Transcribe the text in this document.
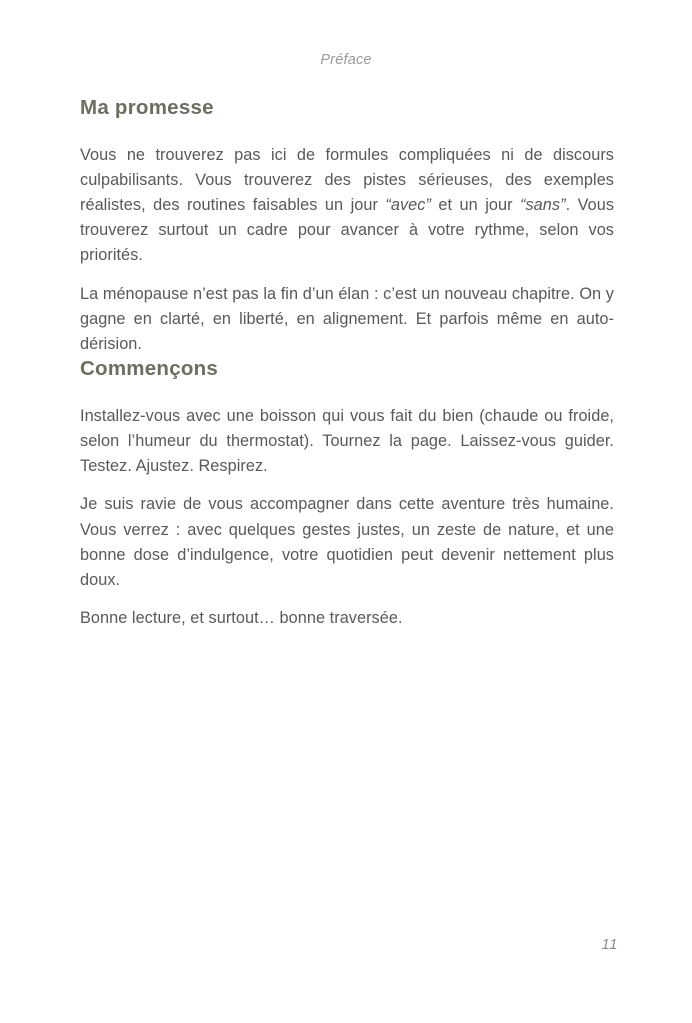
Préface
Ma promesse

Vous ne trouverez pas ici de formules compliquées ni de discours culpabilisants. Vous trouverez des pistes sérieuses, des exemples réalistes, des routines faisables un jour “avec” et un jour “sans”. Vous trouverez surtout un cadre pour avancer à votre rythme, selon vos priorités.

La ménopause n’est pas la fin d’un élan : c’est un nouveau chapitre. On y gagne en clarté, en liberté, en alignement. Et parfois même en auto-dérision.

Commençons

Installez-vous avec une boisson qui vous fait du bien (chaude ou froide, selon l’humeur du thermostat). Tournez la page. Laissez-vous guider. Testez. Ajustez. Respirez.

Je suis ravie de vous accompagner dans cette aventure très humaine. Vous verrez : avec quelques gestes justes, un zeste de nature, et une bonne dose d’indulgence, votre quotidien peut devenir nettement plus doux.

Bonne lecture, et surtout… bonne traversée.

11
